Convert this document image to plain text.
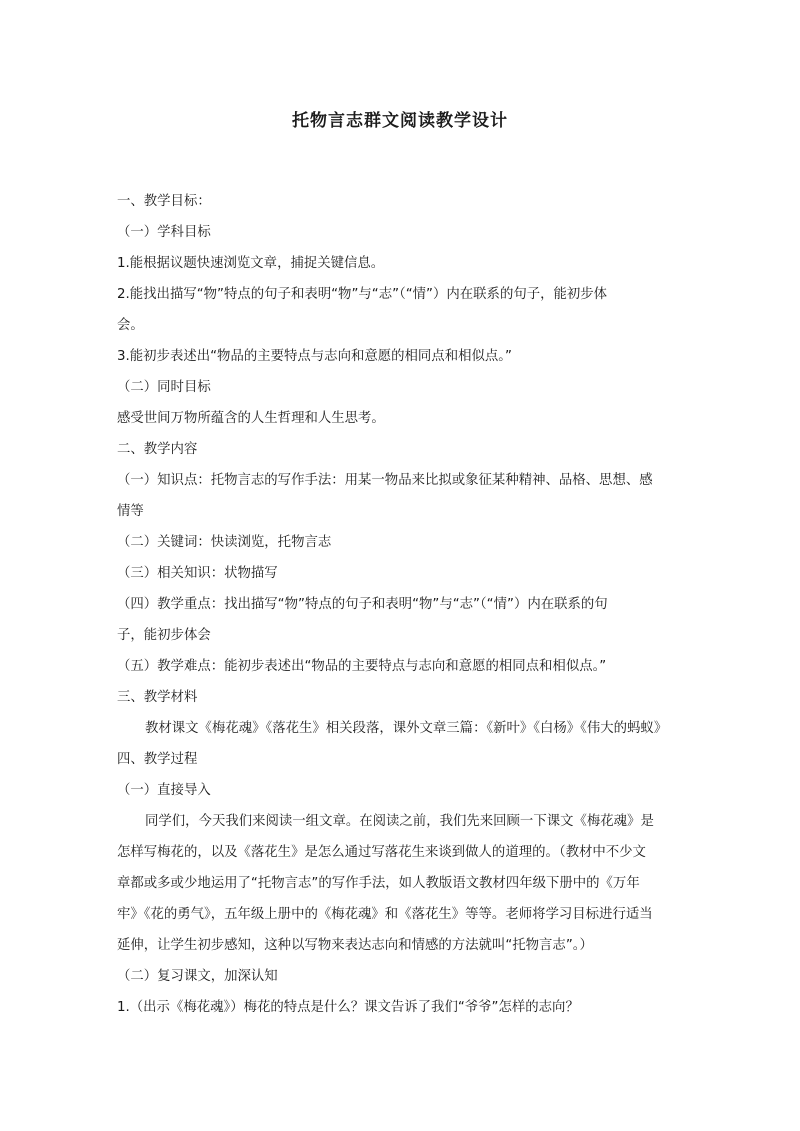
托物言志群文阅读教学设计
一、教学目标：
（一）学科目标
1.能根据议题快速浏览文章，捕捉关键信息。
2.能找出描写“物”特点的句子和表明“物”与“志”（“情”）内在联系的句子，能初步体
会。
3.能初步表述出“物品的主要特点与志向和意愿的相同点和相似点。”
（二）同时目标
感受世间万物所蕴含的人生哲理和人生思考。
二、教学内容
（一）知识点：托物言志的写作手法：用某一物品来比拟或象征某种精神、品格、思想、感
情等
（二）关键词：快读浏览，托物言志
（三）相关知识：状物描写
（四）教学重点：找出描写“物”特点的句子和表明“物”与“志”（“情”）内在联系的句
子，能初步体会
（五）教学难点：能初步表述出“物品的主要特点与志向和意愿的相同点和相似点。”
三、教学材料
教材课文《梅花魂》《落花生》相关段落，课外文章三篇：《新叶》《白杨》《伟大的蚂蚁》
四、教学过程
（一）直接导入
同学们，今天我们来阅读一组文章。在阅读之前，我们先来回顾一下课文《梅花魂》是
怎样写梅花的，以及《落花生》是怎么通过写落花生来谈到做人的道理的。（教材中不少文
章都或多或少地运用了“托物言志”的写作手法，如人教版语文教材四年级下册中的《万年
牢》《花的勇气》，五年级上册中的《梅花魂》和《落花生》等等。老师将学习目标进行适当
延伸，让学生初步感知，这种以写物来表达志向和情感的方法就叫“托物言志”。）
（二）复习课文，加深认知
1.（出示《梅花魂》）梅花的特点是什么？课文告诉了我们“爷爷”怎样的志向？
